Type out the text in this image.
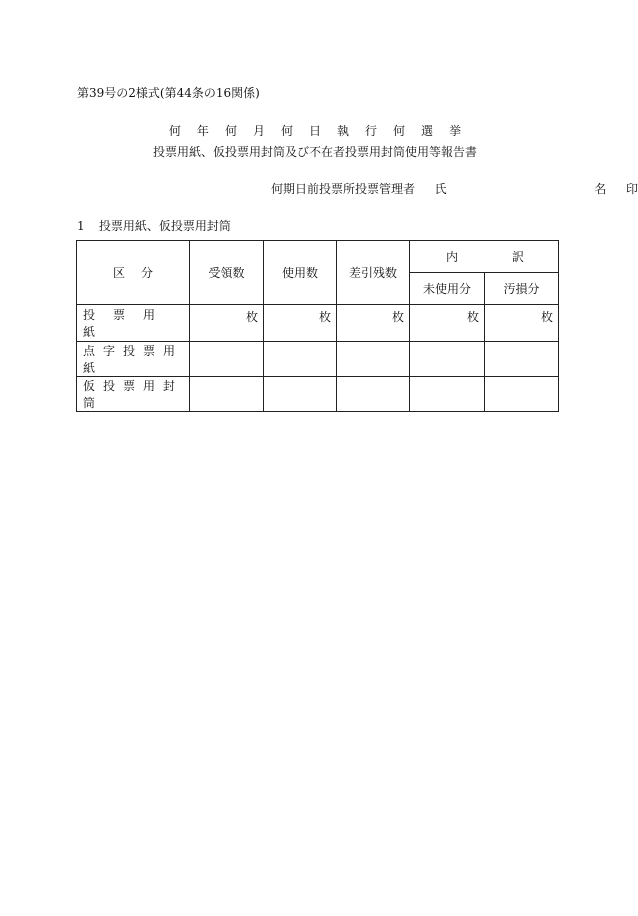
第39号の2様式(第44条の16関係)
何 年 何 月 何 日 執 行 何 選 挙
投票用紙、仮投票用封筒及び不在者投票用封筒使用等報告書
何期日前投票所投票管理者 氏	名 印
1 投票用紙、仮投票用封筒
区 分	受領数	使用数	差引残数	内 訳	

				未使用分	汚損分
投票用紙	枚	枚	枚	枚	枚
点字投票用紙					
仮投票用封筒					
